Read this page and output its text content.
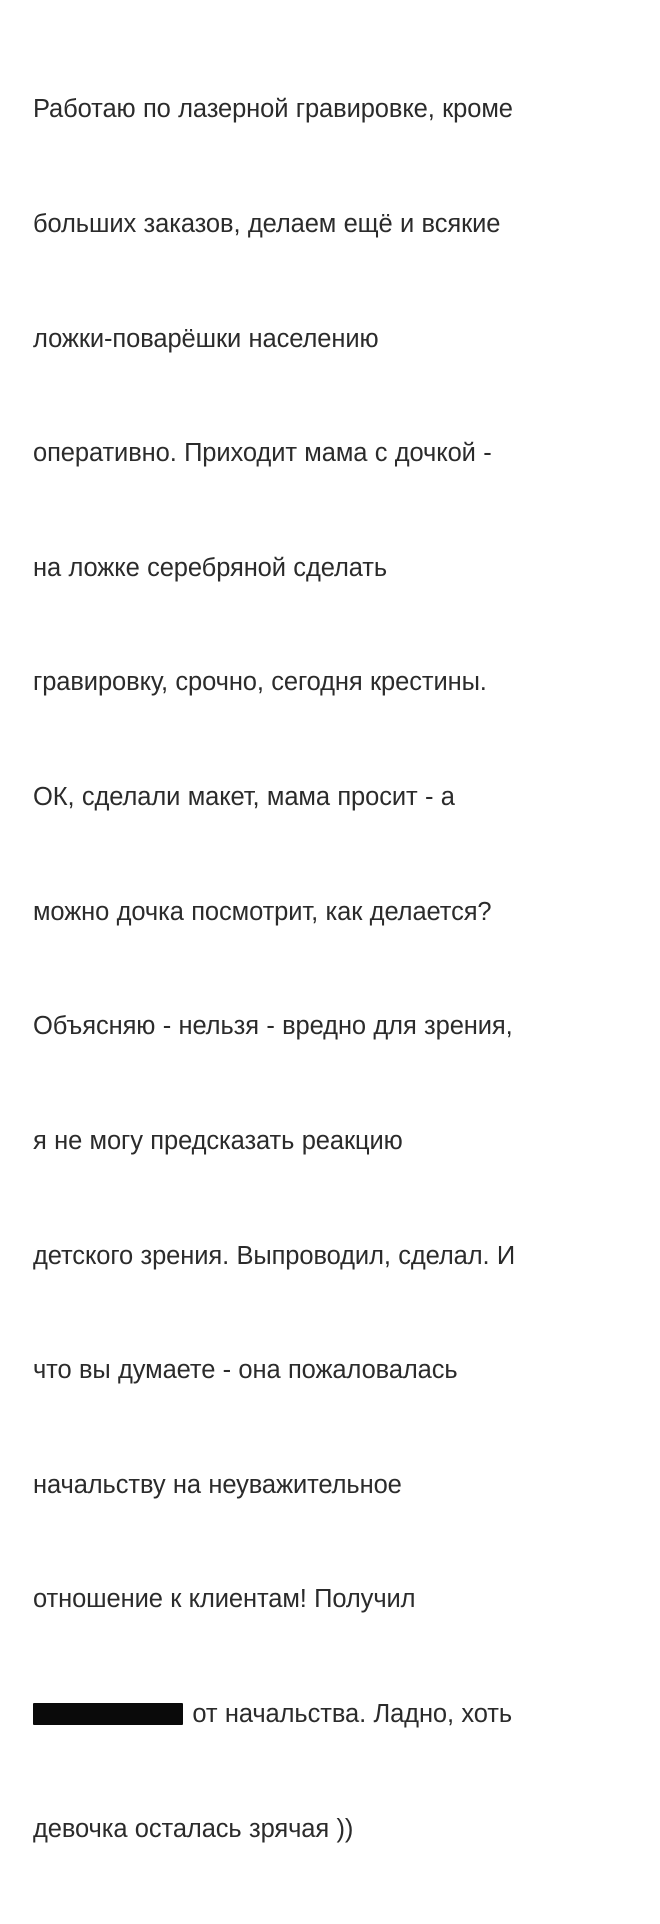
Работаю по лазерной гравировке, кроме

больших заказов, делаем ещё и всякие

ложки-поварёшки населению

оперативно. Приходит мама с дочкой -

на ложке серебряной сделать

гравировку, срочно, сегодня крестины.

ОК, сделали макет, мама просит - а

можно дочка посмотрит, как делается?

Объясняю - нельзя - вредно для зрения,

я не могу предсказать реакцию

детского зрения. Выпроводил, сделал. И

что вы думаете - она пожаловалась

начальству на неуважительное

отношение к клиентам! Получил

от начальства. Ладно, хоть

девочка осталась зрячая ))
